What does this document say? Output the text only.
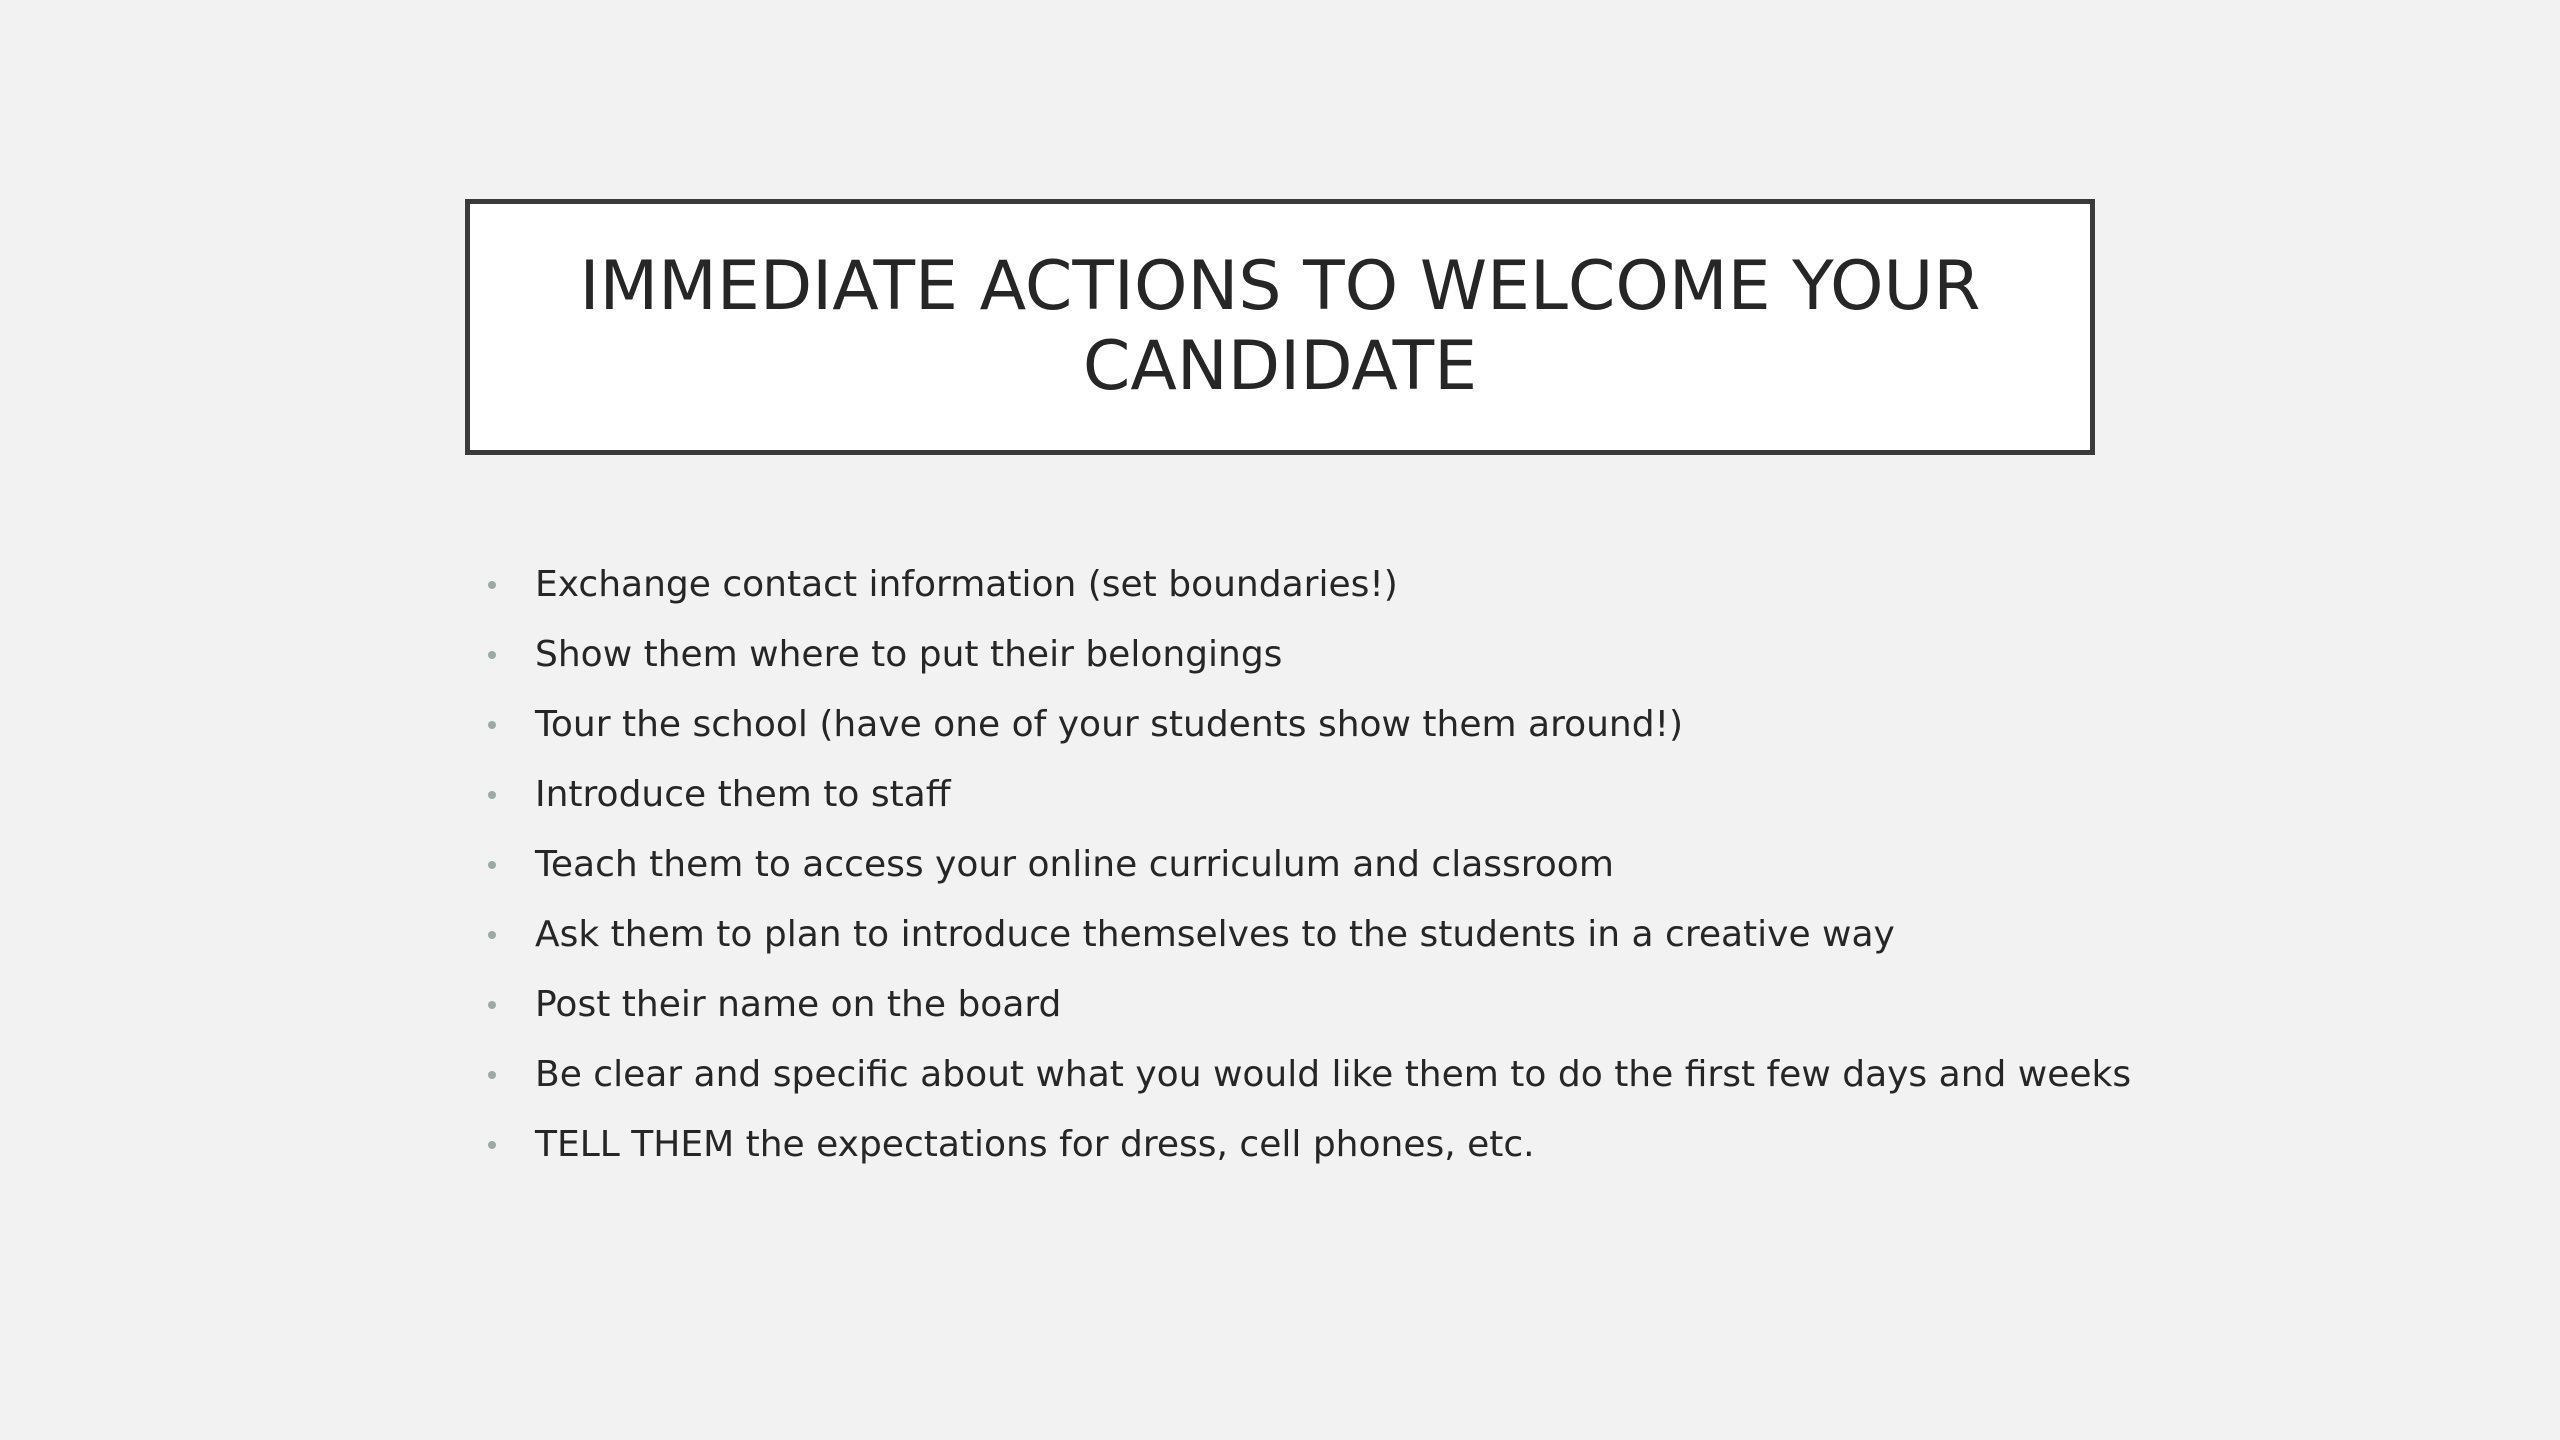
IMMEDIATE ACTIONS TO WELCOME YOUR CANDIDATE
Exchange contact information (set boundaries!)
Show them where to put their belongings
Tour the school (have one of your students show them around!)
Introduce them to staff
Teach them to access your online curriculum and classroom
Ask them to plan to introduce themselves to the students in a creative way
Post their name on the board
Be clear and specific about what you would like them to do the first few days and weeks
TELL THEM the expectations for dress, cell phones, etc.
